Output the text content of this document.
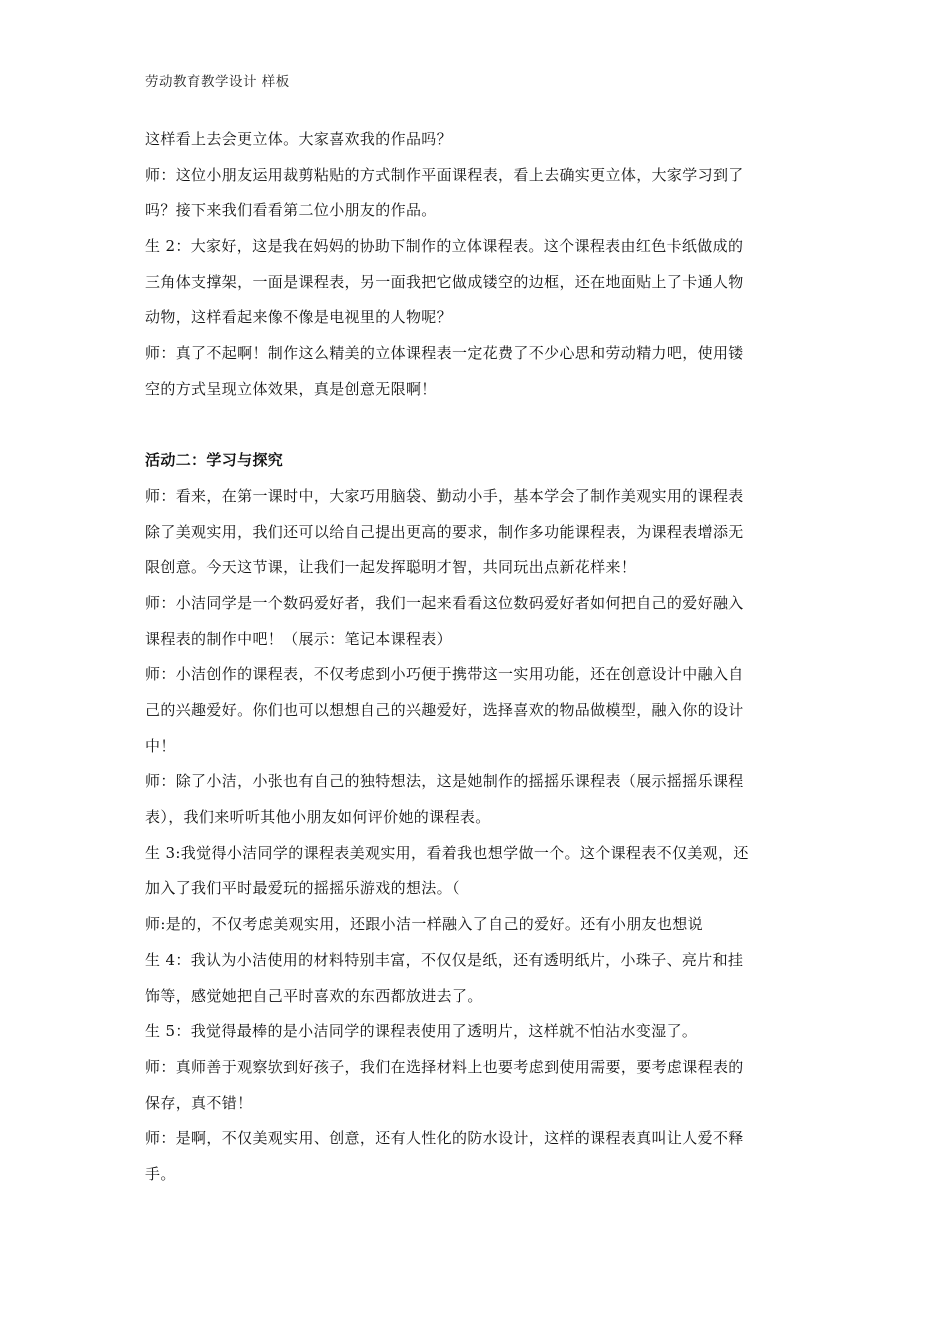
劳动教育教学设计 样板
这样看上去会更立体。大家喜欢我的作品吗？
师：这位小朋友运用裁剪粘贴的方式制作平面课程表，看上去确实更立体，大家学习到了
吗？接下来我们看看第二位小朋友的作品。
生 2：大家好，这是我在妈妈的协助下制作的立体课程表。这个课程表由红色卡纸做成的
三角体支撑架，一面是课程表，另一面我把它做成镂空的边框，还在地面贴上了卡通人物
动物，这样看起来像不像是电视里的人物呢？
师：真了不起啊！制作这么精美的立体课程表一定花费了不少心思和劳动精力吧，使用镂
空的方式呈现立体效果，真是创意无限啊！
活动二：学习与探究
师：看来，在第一课时中，大家巧用脑袋、勤动小手，基本学会了制作美观实用的课程表
除了美观实用，我们还可以给自己提出更高的要求，制作多功能课程表，为课程表增添无
限创意。今天这节课，让我们一起发挥聪明才智，共同玩出点新花样来！
师：小洁同学是一个数码爱好者，我们一起来看看这位数码爱好者如何把自己的爱好融入
课程表的制作中吧！（展示：笔记本课程表）
师：小洁创作的课程表，不仅考虑到小巧便于携带这一实用功能，还在创意设计中融入自
己的兴趣爱好。你们也可以想想自己的兴趣爱好，选择喜欢的物品做模型，融入你的设计
中！
师：除了小洁，小张也有自己的独特想法，这是她制作的摇摇乐课程表（展示摇摇乐课程
表），我们来听听其他小朋友如何评价她的课程表。
生 3:我觉得小洁同学的课程表美观实用，看着我也想学做一个。这个课程表不仅美观，还
加入了我们平时最爱玩的摇摇乐游戏的想法。（
师:是的，不仅考虑美观实用，还跟小洁一样融入了自己的爱好。还有小朋友也想说
生 4：我认为小洁使用的材料特别丰富，不仅仅是纸，还有透明纸片，小珠子、亮片和挂
饰等，感觉她把自己平时喜欢的东西都放进去了。
生 5：我觉得最棒的是小洁同学的课程表使用了透明片，这样就不怕沾水变湿了。
师：真师善于观察欤到好孩子，我们在选择材料上也要考虑到使用需要，要考虑课程表的
保存，真不错！
师：是啊，不仅美观实用、创意，还有人性化的防水设计，这样的课程表真叫让人爱不释
手。
